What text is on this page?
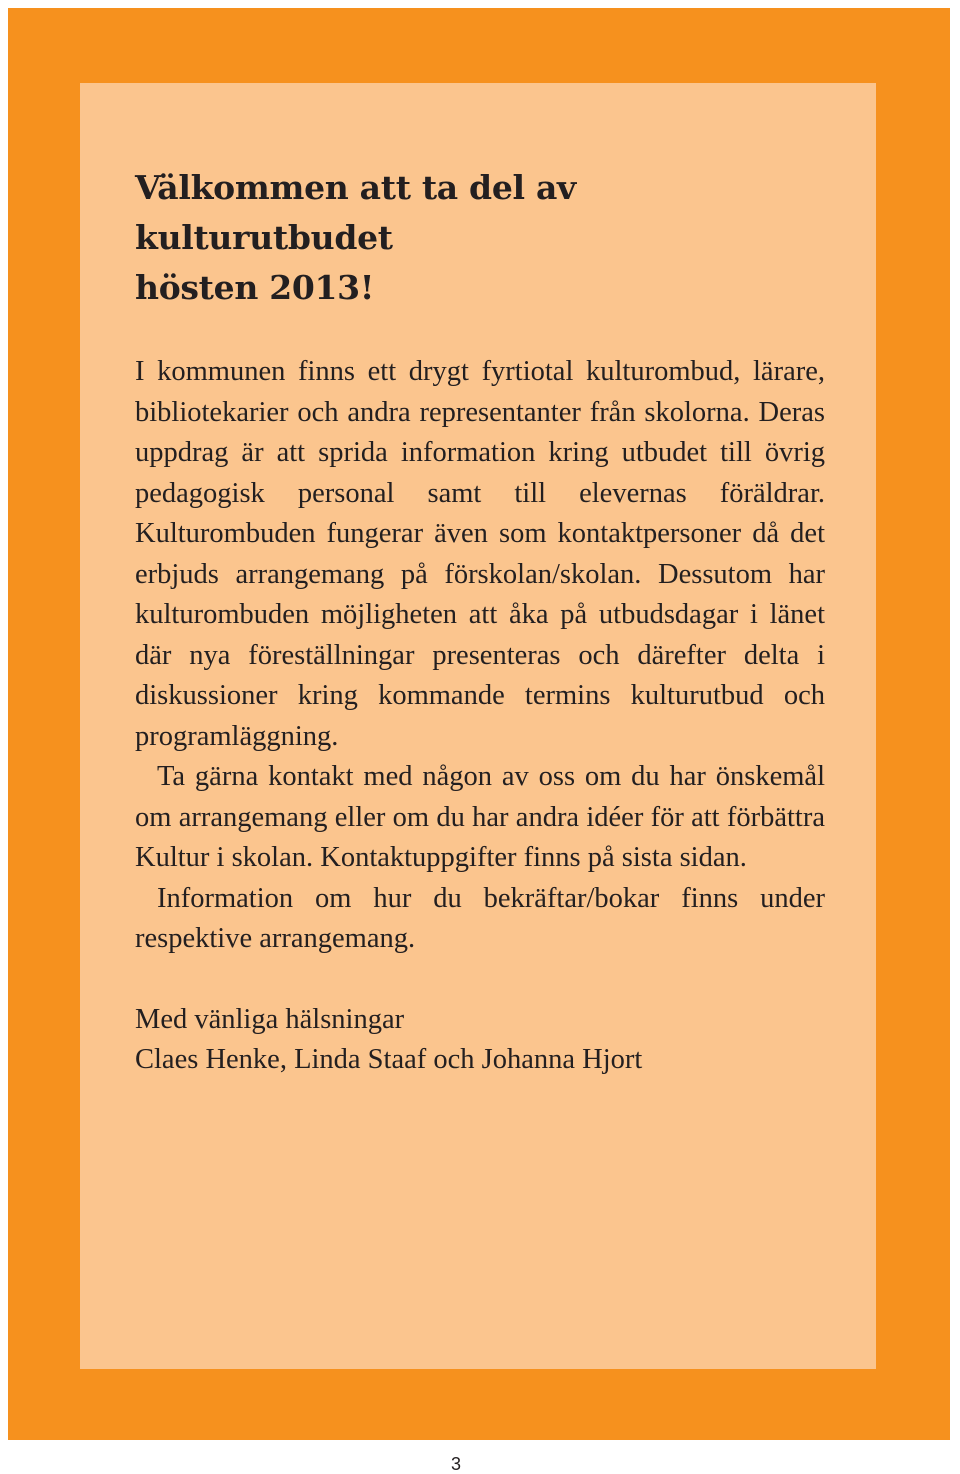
Välkommen att ta del av kulturutbudet
hösten 2013!

I kommunen finns ett drygt fyrtiotal kulturombud, lärare, bibliotekarier och andra representanter från skolorna. Deras uppdrag är att sprida information kring utbudet till övrig pedagogisk personal samt till elevernas föräldrar. Kulturombuden fungerar även som kontaktpersoner då det erbjuds arrangemang på förskolan/skolan. Dessutom har kulturombuden möjligheten att åka på utbudsdagar i länet där nya föreställningar presenteras och därefter delta i diskussioner kring kommande termins kulturutbud och programläggning.

Ta gärna kontakt med någon av oss om du har önskemål om arrangemang eller om du har andra idéer för att förbättra Kultur i skolan. Kontaktuppgifter finns på sista sidan.

Information om hur du bekräftar/bokar finns under respektive arrangemang.

Med vänliga hälsningar
Claes Henke, Linda Staaf och Johanna Hjort
3
